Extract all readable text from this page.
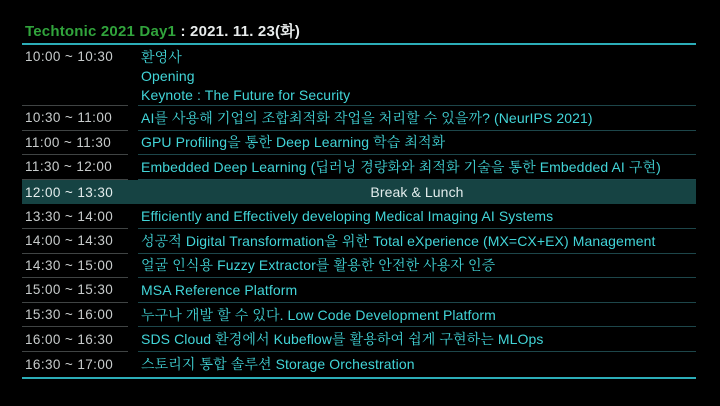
Techtonic 2021 Day1 : 2021. 11. 23(화)
10:00 ~ 10:30	환영사
Opening
Keynote : The Future for Security
10:30 ~ 11:00	AI를 사용해 기업의 조합최적화 작업을 처리할 수 있을까? (NeurIPS 2021)
11:00 ~ 11:30	GPU Profiling을 통한 Deep Learning 학습 최적화
11:30 ~ 12:00	Embedded Deep Learning (딥러닝 경량화와 최적화 기술을 통한 Embedded AI 구현)
12:00 ~ 13:30	Break & Lunch
13:30 ~ 14:00	Efficiently and Effectively developing Medical Imaging AI Systems
14:00 ~ 14:30	성공적 Digital Transformation을 위한 Total eXperience (MX=CX+EX) Management
14:30 ~ 15:00	얼굴 인식용 Fuzzy Extractor를 활용한 안전한 사용자 인증
15:00 ~ 15:30	MSA Reference Platform
15:30 ~ 16:00	누구나 개발 할 수 있다. Low Code Development Platform
16:00 ~ 16:30	SDS Cloud 환경에서 Kubeflow를 활용하여 쉽게 구현하는 MLOps
16:30 ~ 17:00	스토리지 통합 솔루션 Storage Orchestration
